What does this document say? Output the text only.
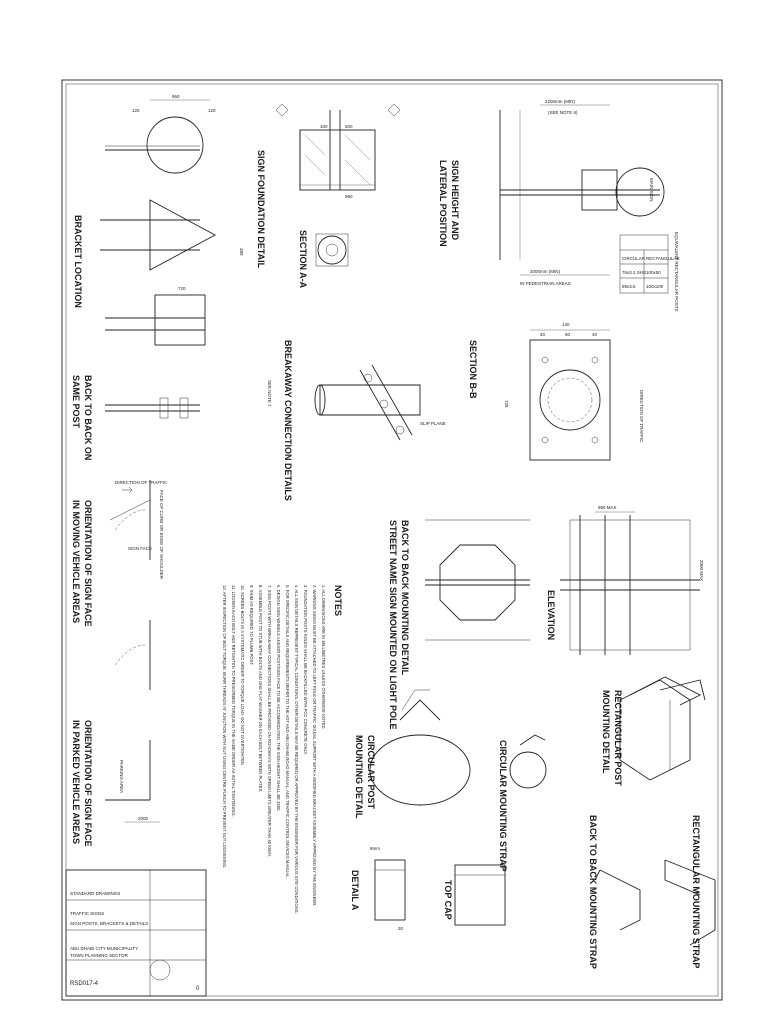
960
120	120
380
720
BRACKET LOCATION
960
100	500
SIGN FOUNDATION DETAIL	SECTION A-A
MAIN SIGN
2200mm (MIN)
(SEE NOTE 6)
2000mm (MIN)
IN PEDESTRIAN AREAS	EQUIVALENT RECTANGULAR POSTS
CIRCULAR RECTANGULAR
76x3.2 SHS 100x50
89x3.5 100x100
SIGN HEIGHT AND
LATERAL POSITION
140
40	60	40
725	DIRECTION OF TRAFFIC
SECTION B-B
SLIP PLANE
BREAKAWAY CONNECTION DETAILS
SEE NOTE 7
BACK TO BACK ON
SAME POST
DIRECTION OF TRAFFIC
FACE OF CURB OR EDGE OF SHOULDER
SIGN FACE
ORIENTATION OF SIGN FACE
IN MOVING VEHICLE AREAS
PARKING AREA
2000
ORIENTATION OF SIGN FACE
IN PARKED VEHICLE AREAS
NOTES
1. ALL DIMENSIONS ARE IN MILLIMETRES UNLESS OTHERWISE NOTED.
2. WARNING SIGNS MUST BE ATTACHED TO LEFT POLE OR TRAFFIC SIGNAL SUPPORT WITH A MODIFIED BRACKET ASSEMBLY APPROVED BY THE ENGINEER.
3. FOUNDATION POSTS HOLES SHALL BE BACKFILLED WITH PCC CONCRETE ONLY.
4. ALL SIGN DETAILS REPRESENT TYPICAL CONDITIONS. OTHER DETAILS MAY BE REQUIRED OR APPROVED BY THE ENGINEER FOR VARIOUS SITE CONDITIONS.
5. FOR SPECIFIC DETAILS AND REQUIREMENTS REFER TO THE ADT AND ABU DHABI ROAD MANUAL, AND TRAFFIC CONTROL DEVICES MANUAL.
6. DESIGN SIGN WHEELS AND/OR POST/SIGN FACE TO BE ACCOMMODATED. THE SIGN HEIGHT SHALL BE 2200.
7. SIGN POSTS WITH BREAKAWAY CONNECTIONS SHALL BE PROVIDED ON ROADWAYS WITH SPEED LIMITS GREATER THAN 60 KM/H.
8. ASSEMBLE POST TO STUB WITH BOLTS AND ONE FLAT WASHER ON EACH BOLT BETWEEN PLATES.
9. SHIM AS REQUIRED TO PLUMB POST.
10. SCREEN BOLTS IN A SYSTEMATIC ORDER TO TORQUE LOAD. DO NOT OVERTIGHTEN.
11. LOOSEN EACH BOLT AND RETIGHTEN TO PRESCRIBED TORQUE IN THE SAME ORDER AS INITIAL TIGHTENING.
12. AFTER INSPECTION OF BOLT TORQUE, BURR THREADS AT JUNCTION WITH NUT USING CENTRE PUNCH TO PREVENT NUT LOOSENING.	BACK TO BACK MOUNTING DETAIL
STREET NAME SIGN MOUNTED ON LIGHT POLE
950 MAX
2000 MAX
ELEVATION
RECTANGULAR POST
MOUNTING DETAIL
CIRCULAR MOUNTING STRAP
CIRCULAR POST
MOUNTING DETAIL
TOP CAP
8mm
30
DETAIL A	BACK TO BACK MOUNTING STRAP	RECTANGULAR MOUNTING STRAP
STANDARD DRAWINGS
TRAFFIC SIGNS
SIGN POSTS, BRACKETS & DETAILS
ABU DHABI CITY MUNICIPALITY
TOWN PLANNING SECTOR
RSD017-4
0
